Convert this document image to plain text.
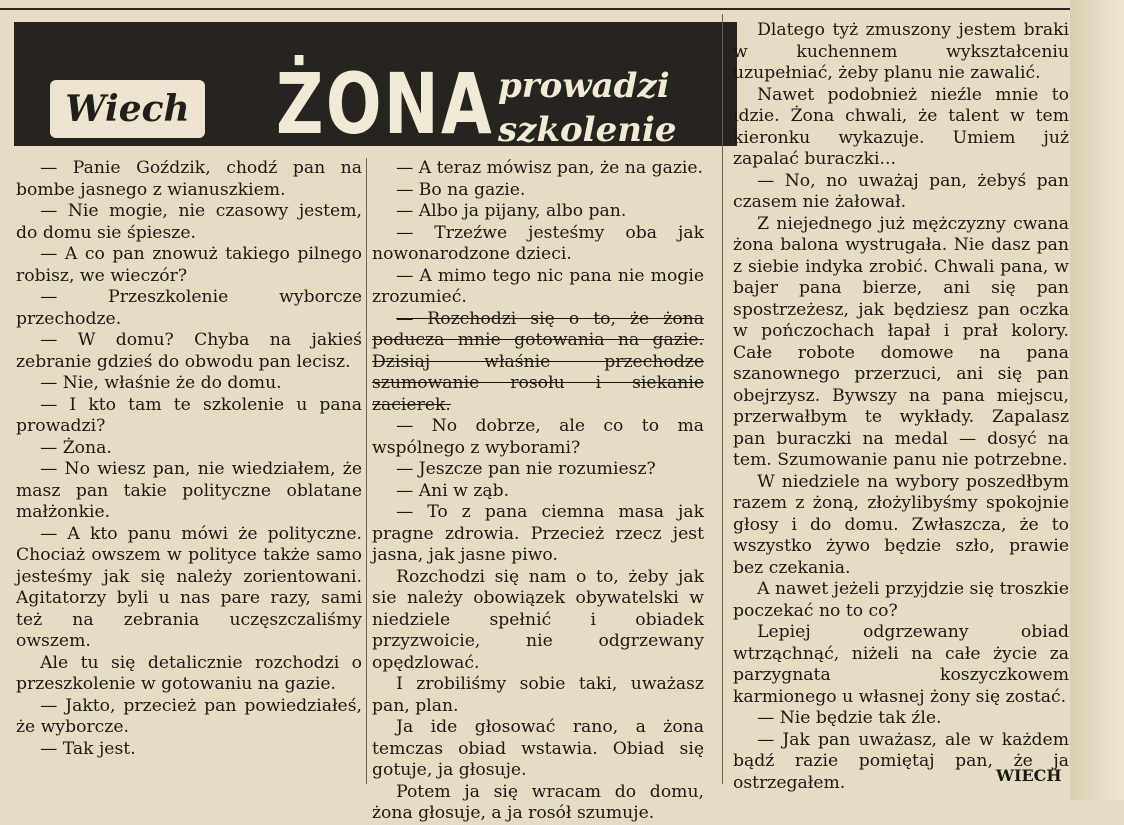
Wiech ŻONA prowadzi
szkolenie

— Panie Goździk, chodź pan na bombe jasnego z wianuszkiem.

— Nie mogie, nie czasowy jestem, do domu sie śpiesze.

— A co pan znowuż takiego pilnego robisz, we wieczór?

— Przeszkolenie wyborcze przechodze.

— W domu? Chyba na jakieś zebranie gdzieś do obwodu pan lecisz.

— Nie, właśnie że do domu.

— I kto tam te szkolenie u pana prowadzi?

— Żona.

— No wiesz pan, nie wiedziałem, że masz pan takie polityczne oblatane małżonkie.

— A kto panu mówi że polityczne. Chociaż owszem w polityce także samo jesteśmy jak się należy zorientowani. Agitatorzy byli u nas pare razy, sami też na zebrania uczęszczaliśmy owszem.

Ale tu się detalicznie rozchodzi o przeszkolenie w gotowaniu na gazie.

— Jakto, przecież pan powiedziałeś, że wyborcze.

— Tak jest.

— A teraz mówisz pan, że na gazie.

— Bo na gazie.

— Albo ja pijany, albo pan.

— Trzeźwe jesteśmy oba jak nowonarodzone dzieci.

— A mimo tego nic pana nie mogie zrozumieć.

— Rozchodzi się o to, że żona poducza mnie gotowania na gazie. Dzisiaj właśnie przechodze szumowanie rosołu i siekanie zacierek.

— No dobrze, ale co to ma wspólnego z wyborami?

— Jeszcze pan nie rozumiesz?

— Ani w ząb.

— To z pana ciemna masa jak pragne zdrowia. Przecież rzecz jest jasna, jak jasne piwo.

Rozchodzi się nam o to, żeby jak sie należy obowiązek obywatelski w niedziele spełnić i obiadek przyzwoicie, nie odgrzewany opędzlować.

I zrobiliśmy sobie taki, uważasz pan, plan.

Ja ide głosować rano, a żona temczas obiad wstawia. Obiad się gotuje, ja głosuje.

Potem ja się wracam do domu, żona głosuje, a ja rosół szumuje.

Dlatego tyż zmuszony jestem braki w kuchennem wykształceniu uzupełniać, żeby planu nie zawalić.

Nawet podobnież nieźle mnie to idzie. Żona chwali, że talent w tem kieronku wykazuje. Umiem już zapalać buraczki...

— No, no uważaj pan, żebyś pan czasem nie żałował.

Z niejednego już mężczyzny cwana żona balona wystrugała. Nie dasz pan z siebie indyka zrobić. Chwali pana, w bajer pana bierze, ani się pan spostrzeżesz, jak będziesz pan oczka w pończochach łapał i prał kolory. Całe robote domowe na pana szanownego przerzuci, ani się pan obejrzysz. Bywszy na pana miejscu, przerwałbym te wykłady. Zapalasz pan buraczki na medal — dosyć na tem. Szumowanie panu nie potrzebne.

W niedziele na wybory poszedłbym razem z żoną, złożylibyśmy spokojnie głosy i do domu. Zwłaszcza, że to wszystko żywo będzie szło, prawie bez czekania.

A nawet jeżeli przyjdzie się troszkie poczekać no to co?

Lepiej odgrzewany obiad wtrząchnąć, niżeli na całe życie za parzygnata koszyczkowem karmionego u własnej żony się zostać.

— Nie będzie tak źle.

— Jak pan uważasz, ale w każdem bądź razie pomiętaj pan, że ja ostrzegałem.	WIECH
